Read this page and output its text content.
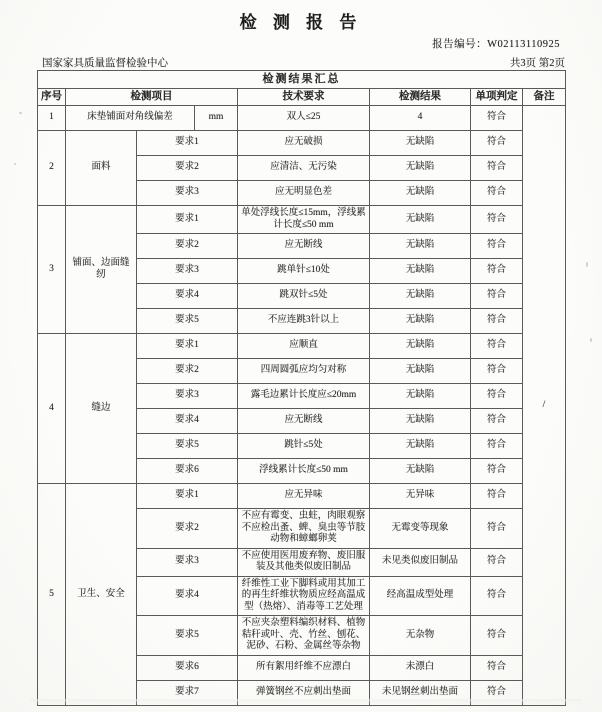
检 测 报 告
报告编号：W02113110925
国家家具质量监督检验中心	共3页 第2页
检测结果汇总							
序号	检测项目			技术要求	检测结果	单项判定	备注
1	床垫铺面对角线偏差		mm	双人≤25	4	符合	/
2	面料	要求1		应无破损	无缺陷	符合	
		要求2		应清洁、无污染	无缺陷	符合	
		要求3		应无明显色差	无缺陷	符合	
3	铺面、边面缝纫	要求1		单处浮线长度≤15mm，浮线累计长度≤50 mm	无缺陷	符合	
		要求2		应无断线	无缺陷	符合	
		要求3		跳单针≤10处	无缺陷	符合	
		要求4		跳双针≤5处	无缺陷	符合	
		要求5		不应连跳3针以上	无缺陷	符合	
4	缝边	要求1		应顺直	无缺陷	符合	
		要求2		四周圆弧应均匀对称	无缺陷	符合	
		要求3		露毛边累计长度应≤20mm	无缺陷	符合	
		要求4		应无断线	无缺陷	符合	
		要求5		跳针≤5处	无缺陷	符合	
		要求6		浮线累计长度≤50 mm	无缺陷	符合	
5	卫生、安全	要求1		应无异味	无异味	符合	
		要求2		不应有霉变、虫蛀，肉眼观察不应检出蚤、蜱、臭虫等节肢动物和蟑螂卵荚	无霉变等现象	符合	
		要求3		不应使用医用废弃物、废旧服装及其他类似废旧制品	未见类似废旧制品	符合	
		要求4		纤维性工业下脚料或用其加工的再生纤维状物质应经高温成型（热熔）、消毒等工艺处理	经高温成型处理	符合	
		要求5		不应夹杂塑料编织材料、植物秸秆或叶、壳、竹丝、刨花、泥砂、石粉、金属丝等杂物	无杂物	符合	
		要求6		所有絮用纤维不应漂白	未漂白	符合	
		要求7		弹簧钢丝不应刺出垫面	未见钢丝刺出垫面	符合	
